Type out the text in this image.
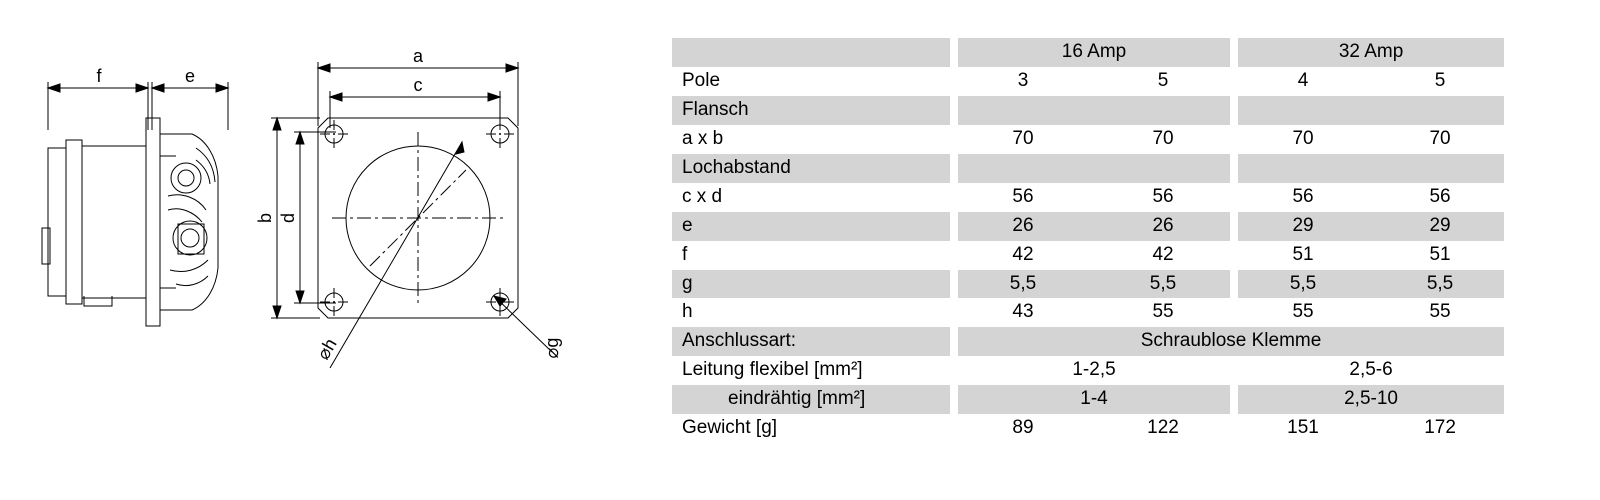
f	e
a
c
b d
⌀h	⌀g
		16 Amp				32 Amp		
Pole		3		5		4		5
Flansch								
a x b		70		70		70		70
Lochabstand								
c x d		56		56		56		56
e		26		26		29		29
f		42		42		51		51
g		5,5		5,5		5,5		5,5
h		43		55		55		55
Anschlussart:		Schraublose Klemme						
Leitung flexibel [mm²]		1-2,5				2,5-6		
eindrähtig [mm²]		1-4				2,5-10		
Gewicht [g]		89		122		151		172
